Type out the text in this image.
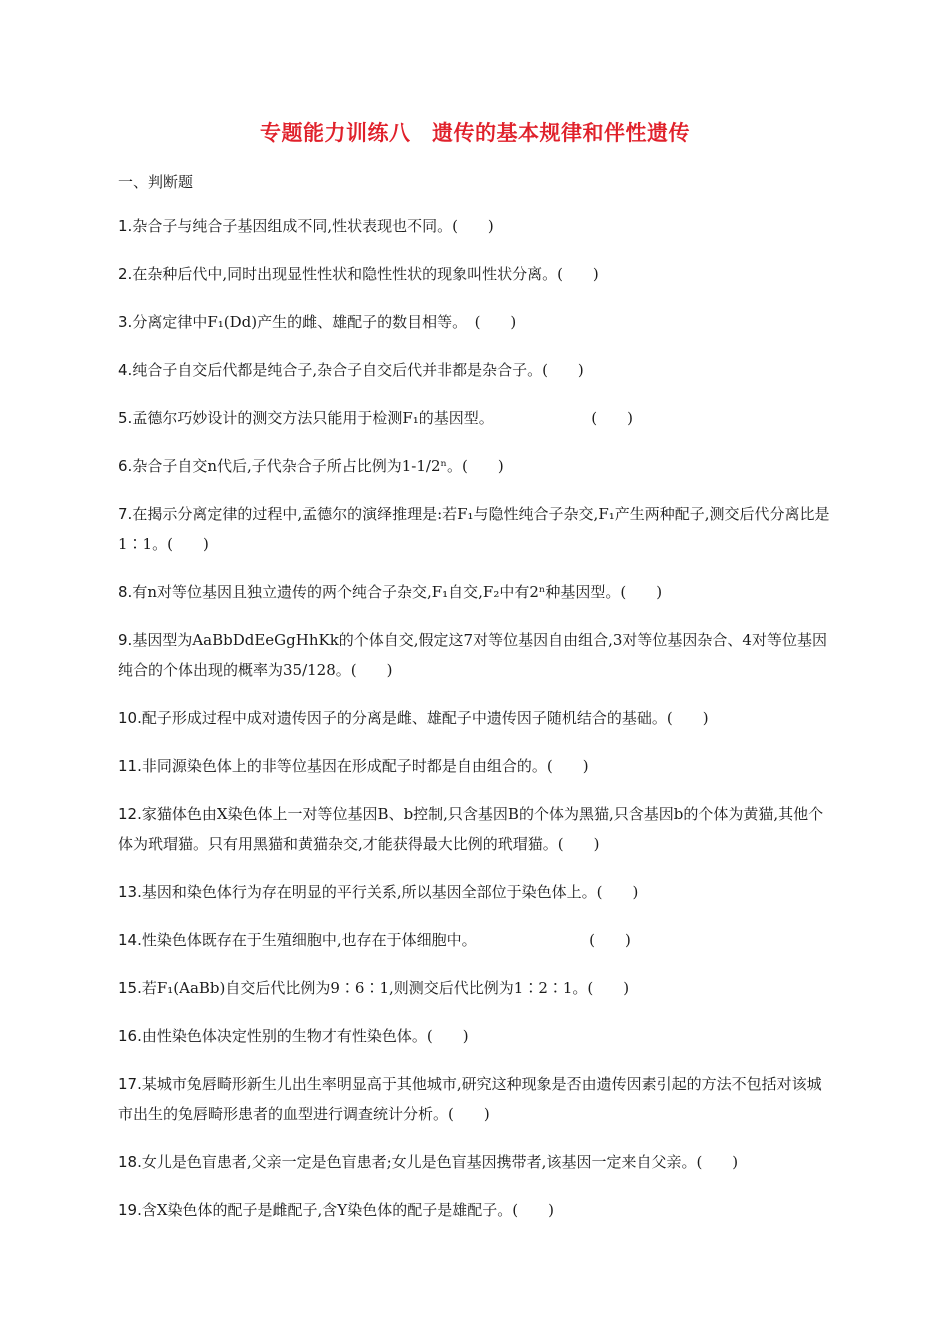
专题能力训练八　遗传的基本规律和伴性遗传
一、判断题

1.杂合子与纯合子基因组成不同,性状表现也不同。(　　)

2.在杂种后代中,同时出现显性性状和隐性性状的现象叫性状分离。(　　)

3.分离定律中F₁(Dd)产生的雌、雄配子的数目相等。　(　　)

4.纯合子自交后代都是纯合子,杂合子自交后代并非都是杂合子。(　　)

5.孟德尔巧妙设计的测交方法只能用于检测F₁的基因型。　　　　　　　(　　)

6.杂合子自交n代后,子代杂合子所占比例为1-1/2ⁿ。(　　)

7.在揭示分离定律的过程中,孟德尔的演绎推理是:若F₁与隐性纯合子杂交,F₁产生两种配子,测交后代分离比是1∶1。(　　)

8.有n对等位基因且独立遗传的两个纯合子杂交,F₁自交,F₂中有2ⁿ种基因型。(　　)

9.基因型为AaBbDdEeGgHhKk的个体自交,假定这7对等位基因自由组合,3对等位基因杂合、4对等位基因纯合的个体出现的概率为35/128。(　　)

10.配子形成过程中成对遗传因子的分离是雌、雄配子中遗传因子随机结合的基础。(　　)

11.非同源染色体上的非等位基因在形成配子时都是自由组合的。(　　)

12.家猫体色由X染色体上一对等位基因B、b控制,只含基因B的个体为黑猫,只含基因b的个体为黄猫,其他个体为玳瑁猫。只有用黑猫和黄猫杂交,才能获得最大比例的玳瑁猫。(　　)

13.基因和染色体行为存在明显的平行关系,所以基因全部位于染色体上。(　　)

14.性染色体既存在于生殖细胞中,也存在于体细胞中。　　　　　　　　(　　)

15.若F₁(AaBb)自交后代比例为9∶6∶1,则测交后代比例为1∶2∶1。(　　)

16.由性染色体决定性别的生物才有性染色体。(　　)

17.某城市兔唇畸形新生儿出生率明显高于其他城市,研究这种现象是否由遗传因素引起的方法不包括对该城市出生的兔唇畸形患者的血型进行调查统计分析。(　　)

18.女儿是色盲患者,父亲一定是色盲患者;女儿是色盲基因携带者,该基因一定来自父亲。(　　)

19.含X染色体的配子是雌配子,含Y染色体的配子是雄配子。(　　)
